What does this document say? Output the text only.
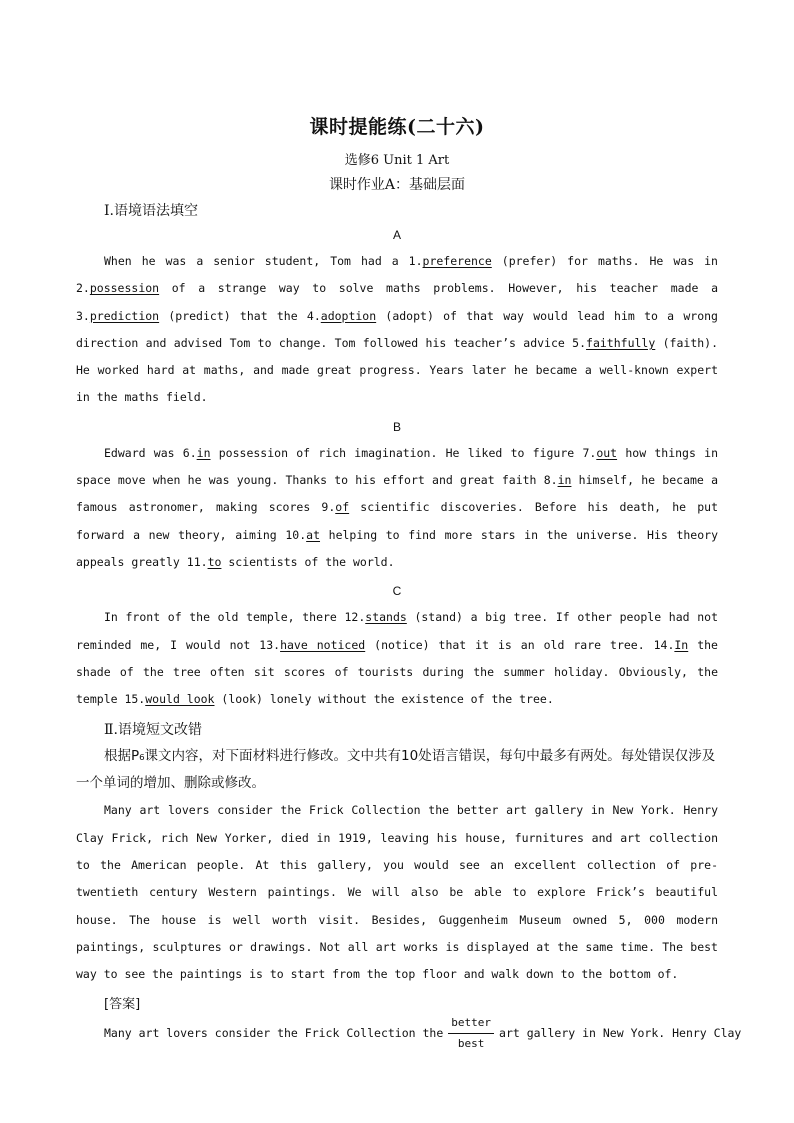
课时提能练(二十六)
选修6 Unit 1 Art
课时作业A：基础层面
Ⅰ.语境语法填空
A

When he was a senior student, Tom had a 1.preference (prefer) for maths. He was in 2.possession of a strange way to solve maths problems. However, his teacher made a 3.prediction (predict) that the 4.adoption (adopt) of that way would lead him to a wrong direction and advised Tom to change. Tom followed his teacher’s advice 5.faithfully (faith). He worked hard at maths, and made great progress. Years later he became a well-known expert in the maths field.

B

Edward was 6.in possession of rich imagination. He liked to figure 7.out how things in space move when he was young. Thanks to his effort and great faith 8.in himself, he became a famous astronomer, making scores 9.of scientific discoveries. Before his death, he put forward a new theory, aiming 10.at helping to find more stars in the universe. His theory appeals greatly 11.to scientists of the world.

C

In front of the old temple, there 12.stands (stand) a big tree. If other people had not reminded me, I would not 13.have noticed (notice) that it is an old rare tree. 14.In the shade of the tree often sit scores of tourists during the summer holiday. Obviously, the temple 15.would look (look) lonely without the existence of the tree.

Ⅱ.语境短文改错

根据P₆课文内容，对下面材料进行修改。文中共有10处语言错误，每句中最多有两处。每处错误仅涉及一个单词的增加、删除或修改。

Many art lovers consider the Frick Collection the better art gallery in New York. Henry Clay Frick, rich New Yorker, died in 1919, leaving his house, furnitures and art collection to the American people. At this gallery, you would see an excellent collection of pre-twentieth century Western paintings. We will also be able to explore Frick’s beautiful house. The house is well worth visit. Besides, Guggenheim Museum owned 5, 000 modern paintings, sculptures or drawings. Not all art works is displayed at the same time. The best way to see the paintings is to start from the top floor and walk down to the bottom of.

[答案]
Many art lovers consider the Frick Collection the $\frac{\text{better}}{\text{best}}$ art gallery in New York. Henry Clay
